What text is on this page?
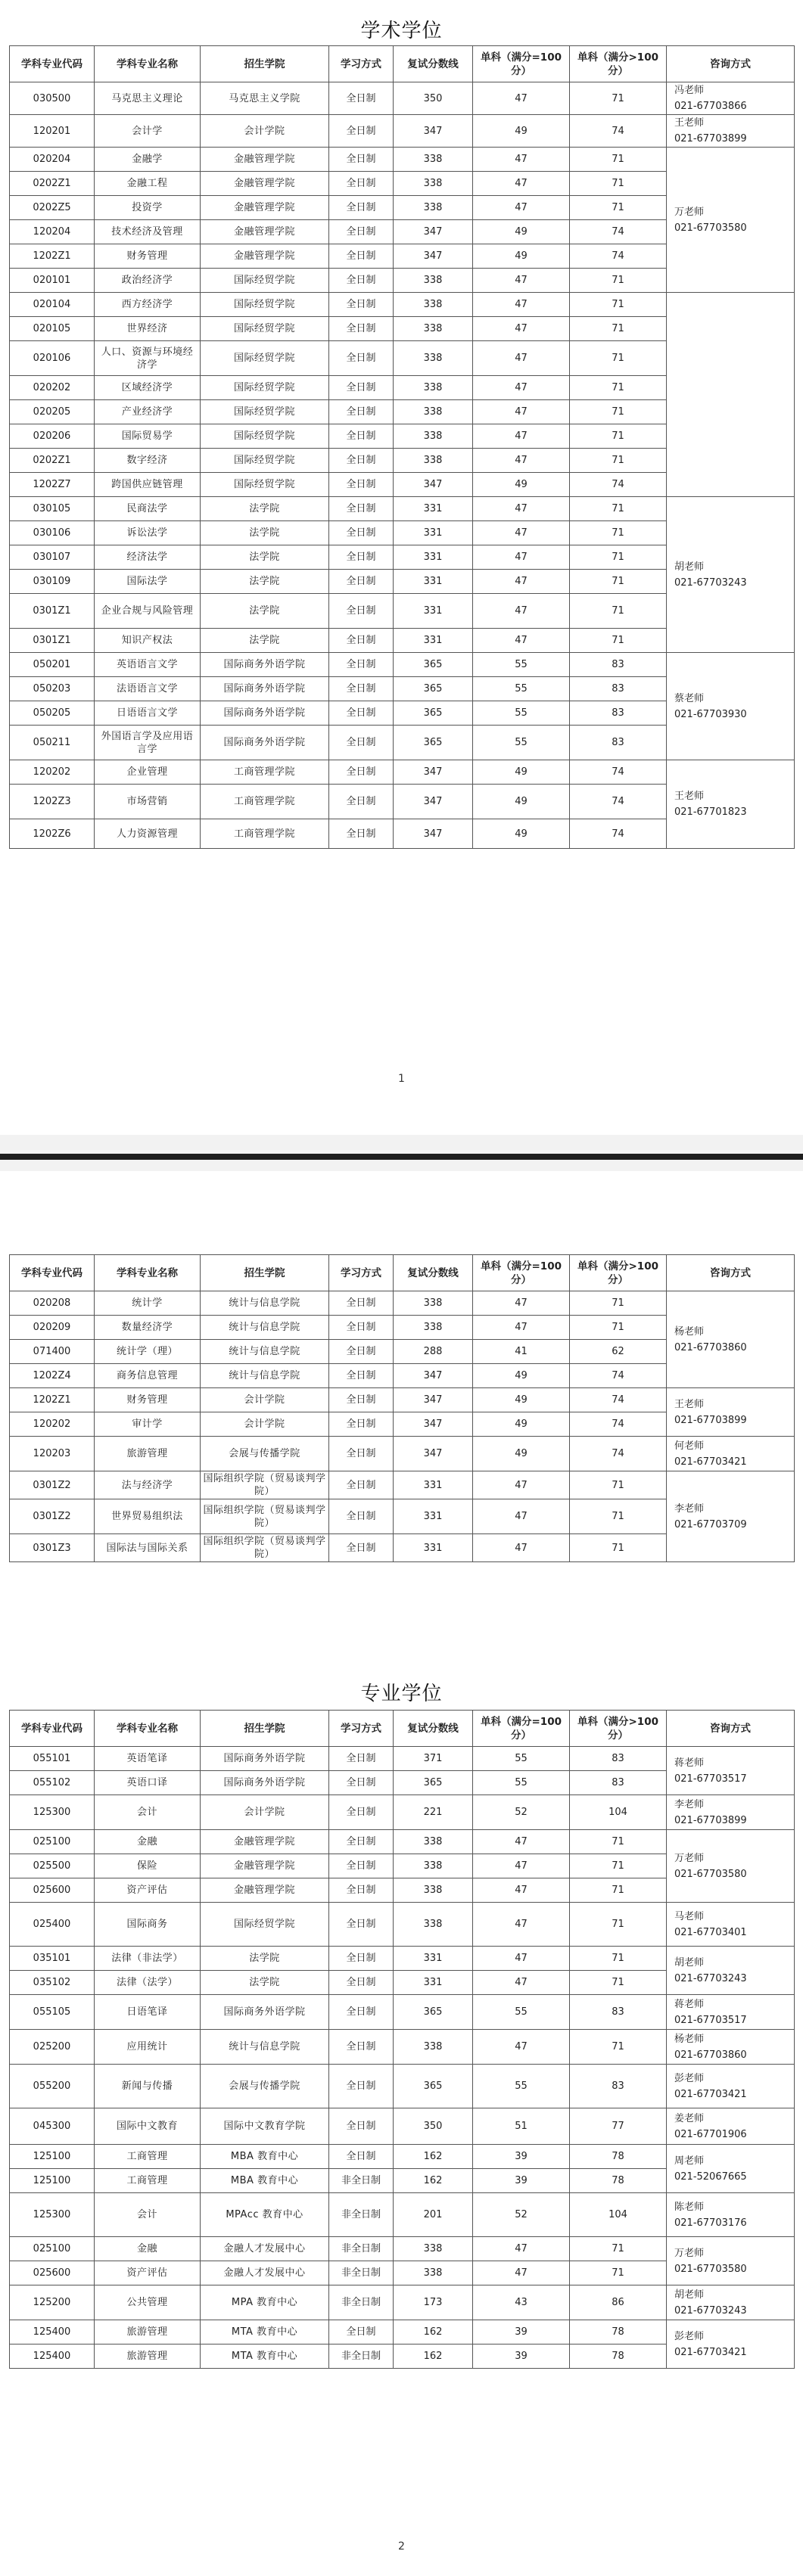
学术学位
学科专业代码	学科专业名称	招生学院	学习方式	复试分数线	单科（满分=100分）	单科（满分>100分）	咨询方式	
030500	马克思主义理论	马克思主义学院	全日制	350	47	71	冯老师
021-67703866	
120201	会计学	会计学院	全日制	347	49	74	王老师
021-67703899	
020204	金融学	金融管理学院	全日制	338	47	71	万老师
021-67703580	
0202Z1	金融工程	金融管理学院	全日制	338	47	71		
0202Z5	投资学	金融管理学院	全日制	338	47	71		
120204	技术经济及管理	金融管理学院	全日制	347	49	74		
1202Z1	财务管理	金融管理学院	全日制	347	49	74		
020101	政治经济学	国际经贸学院	全日制	338	47	71	
020104	西方经济学	国际经贸学院	全日制	338	47	71		
020105	世界经济	国际经贸学院	全日制	338	47	71		
020106	人口、资源与环境经济学	国际经贸学院	全日制	338	47	71		
020202	区域经济学	国际经贸学院	全日制	338	47	71		
020205	产业经济学	国际经贸学院	全日制	338	47	71		
020206	国际贸易学	国际经贸学院	全日制	338	47	71		
0202Z1	数字经济	国际经贸学院	全日制	338	47	71		
1202Z7	跨国供应链管理	国际经贸学院	全日制	347	49	74		
030105	民商法学	法学院	全日制	331	47	71	胡老师
021-67703243	
030106	诉讼法学	法学院	全日制	331	47	71		
030107	经济法学	法学院	全日制	331	47	71		
030109	国际法学	法学院	全日制	331	47	71		
0301Z1	企业合规与风险管理	法学院	全日制	331	47	71		
0301Z1	知识产权法	法学院	全日制	331	47	71		
050201	英语语言文学	国际商务外语学院	全日制	365	55	83	蔡老师
021-67703930	
050203	法语语言文学	国际商务外语学院	全日制	365	55	83		
050205	日语语言文学	国际商务外语学院	全日制	365	55	83		
050211	外国语言学及应用语言学	国际商务外语学院	全日制	365	55	83		
120202	企业管理	工商管理学院	全日制	347	49	74	王老师
021-67701823	
1202Z3	市场营销	工商管理学院	全日制	347	49	74		
1202Z6	人力资源管理	工商管理学院	全日制	347	49	74		
1
学科专业代码	学科专业名称	招生学院	学习方式	复试分数线	单科（满分=100分）	单科（满分>100分）	咨询方式
020208	统计学	统计与信息学院	全日制	338	47	71	杨老师
021-67703860
020209	数量经济学	统计与信息学院	全日制	338	47	71	
071400	统计学（理）	统计与信息学院	全日制	288	41	62	
1202Z4	商务信息管理	统计与信息学院	全日制	347	49	74	
1202Z1	财务管理	会计学院	全日制	347	49	74	王老师
021-67703899
120202	审计学	会计学院	全日制	347	49	74	
120203	旅游管理	会展与传播学院	全日制	347	49	74	何老师
021-67703421
0301Z2	法与经济学	国际组织学院（贸易谈判学院）	全日制	331	47	71	李老师
021-67703709
0301Z2	世界贸易组织法	国际组织学院（贸易谈判学院）	全日制	331	47	71	
0301Z3	国际法与国际关系	国际组织学院（贸易谈判学院）	全日制	331	47	71	
专业学位
学科专业代码	学科专业名称	招生学院	学习方式	复试分数线	单科（满分=100分）	单科（满分>100分）	咨询方式
055101	英语笔译	国际商务外语学院	全日制	371	55	83	蒋老师
021-67703517
055102	英语口译	国际商务外语学院	全日制	365	55	83	
125300	会计	会计学院	全日制	221	52	104	李老师
021-67703899
025100	金融	金融管理学院	全日制	338	47	71	万老师
021-67703580
025500	保险	金融管理学院	全日制	338	47	71	
025600	资产评估	金融管理学院	全日制	338	47	71	
025400	国际商务	国际经贸学院	全日制	338	47	71	马老师
021-67703401
035101	法律（非法学）	法学院	全日制	331	47	71	胡老师
021-67703243
035102	法律（法学）	法学院	全日制	331	47	71	
055105	日语笔译	国际商务外语学院	全日制	365	55	83	蒋老师
021-67703517
025200	应用统计	统计与信息学院	全日制	338	47	71	杨老师
021-67703860
055200	新闻与传播	会展与传播学院	全日制	365	55	83	彭老师
021-67703421
045300	国际中文教育	国际中文教育学院	全日制	350	51	77	姜老师
021-67701906
125100	工商管理	MBA 教育中心	全日制	162	39	78	周老师
021-52067665
125100	工商管理	MBA 教育中心	非全日制	162	39	78	
125300	会计	MPAcc 教育中心	非全日制	201	52	104	陈老师
021-67703176
025100	金融	金融人才发展中心	非全日制	338	47	71	万老师
021-67703580
025600	资产评估	金融人才发展中心	非全日制	338	47	71	
125200	公共管理	MPA 教育中心	非全日制	173	43	86	胡老师
021-67703243
125400	旅游管理	MTA 教育中心	全日制	162	39	78	彭老师
021-67703421
125400	旅游管理	MTA 教育中心	非全日制	162	39	78	
2
